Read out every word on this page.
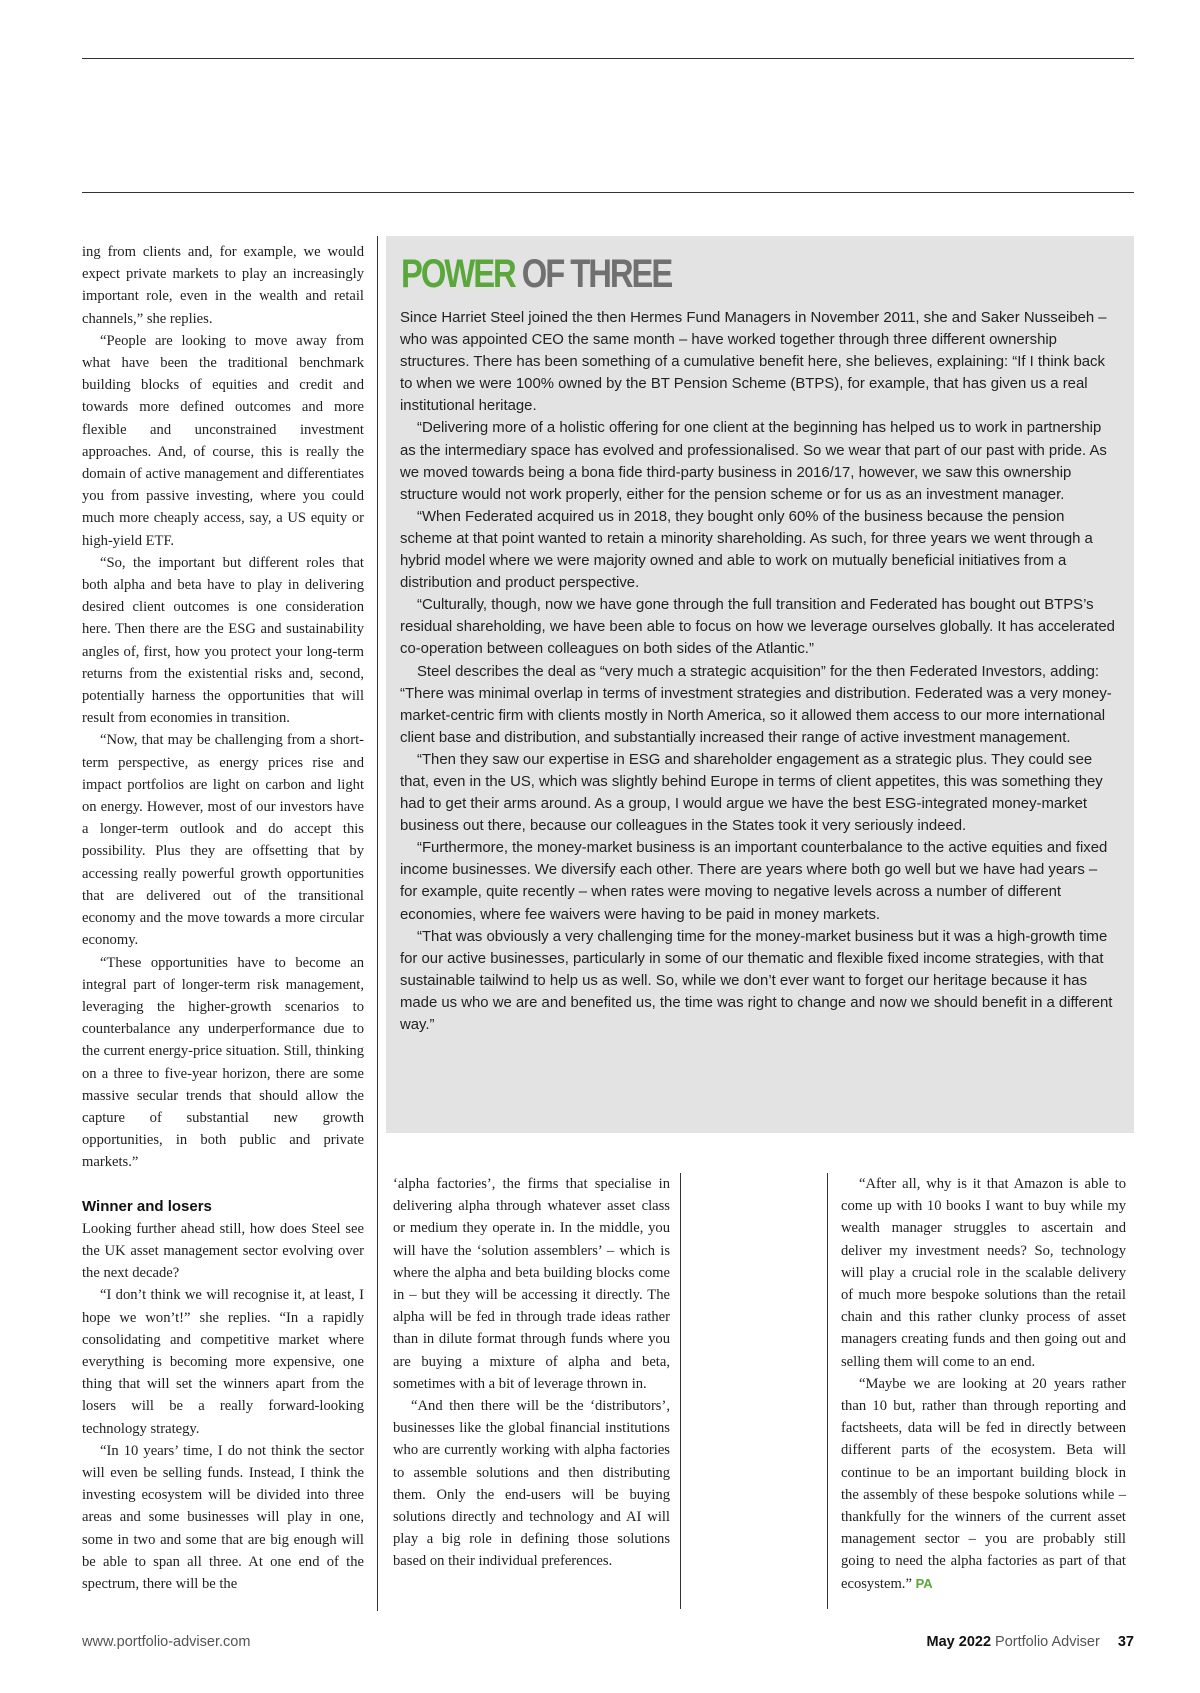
ing from clients and, for example, we would expect private markets to play an increasingly important role, even in the wealth and retail channels,” she replies.

“People are looking to move away from what have been the traditional benchmark building blocks of equities and credit and towards more defined outcomes and more flexible and unconstrained investment approaches. And, of course, this is really the domain of active management and differentiates you from passive investing, where you could much more cheaply access, say, a US equity or high-yield ETF.

“So, the important but different roles that both alpha and beta have to play in delivering desired client outcomes is one consideration here. Then there are the ESG and sustainability angles of, first, how you protect your long-term returns from the existential risks and, second, potentially harness the opportunities that will result from economies in transition.

“Now, that may be challenging from a short-term perspective, as energy prices rise and impact portfolios are light on carbon and light on energy. However, most of our investors have a longer-term outlook and do accept this possibility. Plus they are offsetting that by accessing really powerful growth opportunities that are delivered out of the transitional economy and the move towards a more circular economy.

“These opportunities have to become an integral part of longer-term risk management, leveraging the higher-growth scenarios to counterbalance any underperformance due to the current energy-price situation. Still, thinking on a three to five-year horizon, there are some massive secular trends that should allow the capture of substantial new growth opportunities, in both public and private markets.”

Winner and losers

Looking further ahead still, how does Steel see the UK asset management sector evolving over the next decade?

“I don’t think we will recognise it, at least, I hope we won’t!” she replies. “In a rapidly consolidating and competitive market where everything is becoming more expensive, one thing that will set the winners apart from the losers will be a really forward-looking technology strategy.

“In 10 years’ time, I do not think the sector will even be selling funds. Instead, I think the investing ecosystem will be divided into three areas and some businesses will play in one, some in two and some that are big enough will be able to span all three. At one end of the spectrum, there will be the

POWER OF THREE

Since Harriet Steel joined the then Hermes Fund Managers in November 2011, she and Saker Nusseibeh – who was appointed CEO the same month – have worked together through three different ownership structures. There has been something of a cumulative benefit here, she believes, explaining: “If I think back to when we were 100% owned by the BT Pension Scheme (BTPS), for example, that has given us a real institutional heritage.

“Delivering more of a holistic offering for one client at the beginning has helped us to work in partnership as the intermediary space has evolved and professionalised. So we wear that part of our past with pride. As we moved towards being a bona fide third-party business in 2016/17, however, we saw this ownership structure would not work properly, either for the pension scheme or for us as an investment manager.

“When Federated acquired us in 2018, they bought only 60% of the business because the pension scheme at that point wanted to retain a minority shareholding. As such, for three years we went through a hybrid model where we were majority owned and able to work on mutually beneficial initiatives from a distribution and product perspective.

“Culturally, though, now we have gone through the full transition and Federated has bought out BTPS’s residual shareholding, we have been able to focus on how we leverage ourselves globally. It has accelerated co-operation between colleagues on both sides of the Atlantic.”

Steel describes the deal as “very much a strategic acquisition” for the then Federated Investors, adding: “There was minimal overlap in terms of investment strategies and distribution. Federated was a very money-market-centric firm with clients mostly in North America, so it allowed them access to our more international client base and distribution, and substantially increased their range of active investment management.

“Then they saw our expertise in ESG and shareholder engagement as a strategic plus. They could see that, even in the US, which was slightly behind Europe in terms of client appetites, this was something they had to get their arms around. As a group, I would argue we have the best ESG-integrated money-market business out there, because our colleagues in the States took it very seriously indeed.

“Furthermore, the money-market business is an important counterbalance to the active equities and fixed income businesses. We diversify each other. There are years where both go well but we have had years – for example, quite recently – when rates were moving to negative levels across a number of different economies, where fee waivers were having to be paid in money markets.

“That was obviously a very challenging time for the money-market business but it was a high-growth time for our active businesses, particularly in some of our thematic and flexible fixed income strategies, with that sustainable tailwind to help us as well. So, while we don’t ever want to forget our heritage because it has made us who we are and benefited us, the time was right to change and now we should benefit in a different way.”

‘alpha factories’, the firms that specialise in delivering alpha through whatever asset class or medium they operate in. In the middle, you will have the ‘solution assemblers’ – which is where the alpha and beta building blocks come in – but they will be accessing it directly. The alpha will be fed in through trade ideas rather than in dilute format through funds where you are buying a mixture of alpha and beta, sometimes with a bit of leverage thrown in.

“And then there will be the ‘distributors’, businesses like the global financial institutions who are currently working with alpha factories to assemble solutions and then distributing them. Only the end-users will be buying solutions directly and technology and AI will play a big role in defining those solutions based on their individual preferences.

“After all, why is it that Amazon is able to come up with 10 books I want to buy while my wealth manager struggles to ascertain and deliver my investment needs? So, technology will play a crucial role in the scalable delivery of much more bespoke solutions than the retail chain and this rather clunky process of asset managers creating funds and then going out and selling them will come to an end.

“Maybe we are looking at 20 years rather than 10 but, rather than through reporting and factsheets, data will be fed in directly between different parts of the ecosystem. Beta will continue to be an important building block in the assembly of these bespoke solutions while – thankfully for the winners of the current asset management sector – you are probably still going to need the alpha factories as part of that ecosystem.” PA

www.portfolio-adviser.com	May 2022 Portfolio Adviser 37
